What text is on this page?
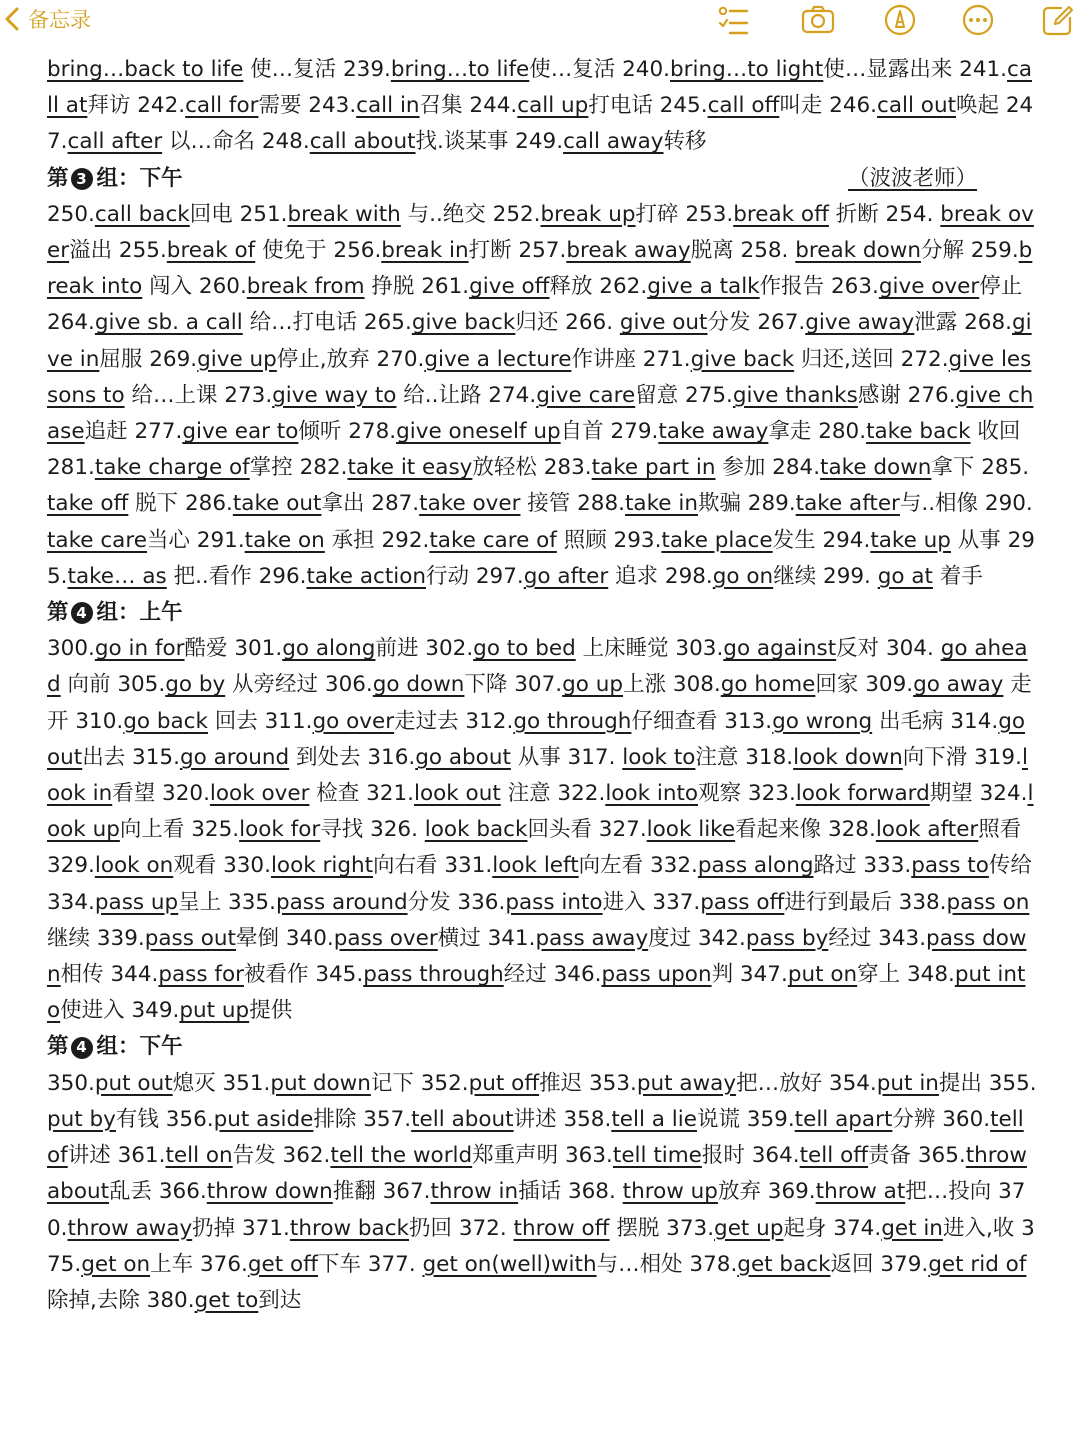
备忘录

bring…back to life 使…复活 239.bring…to life使…复活 240.bring…to light使…显露出来 241.call at拜访 242.call for需要 243.call in召集 244.call up打电话 245.call off叫走 246.call out唤起 247.call after 以…命名 248.call about找.谈某事 249.call away转移

第 3 组：下午	（波波老师）

250.call back回电 251.break with 与..绝交 252.break up打碎 253.break off 折断 254. break over溢出 255.break of 使免于 256.break in打断 257.break away脱离 258. break down分解 259.break into 闯入 260.break from 挣脱 261.give off释放 262.give a talk作报告 263.give over停止 264.give sb. a call 给…打电话 265.give back归还 266. give out分发 267.give away泄露 268.give in屈服 269.give up停止,放弃 270.give a lecture作讲座 271.give back 归还,送回 272.give lessons to 给…上课 273.give way to 给..让路 274.give care留意 275.give thanks感谢 276.give chase追赶 277.give ear to倾听 278.give oneself up自首 279.take away拿走 280.take back 收回 281.take charge of掌控 282.take it easy放轻松 283.take part in 参加 284.take down拿下 285.take off 脱下 286.take out拿出 287.take over 接管 288.take in欺骗 289.take after与..相像 290. take care当心 291.take on 承担 292.take care of 照顾 293.take place发生 294.take up 从事 295.take… as 把..看作 296.take action行动 297.go after 追求 298.go on继续 299. go at 着手

第 4 组：上午

300.go in for酷爱 301.go along前进 302.go to bed 上床睡觉 303.go against反对 304. go ahead 向前 305.go by 从旁经过 306.go down下降 307.go up上涨 308.go home回家 309.go away 走开 310.go back 回去 311.go over走过去 312.go through仔细查看 313.go wrong 出毛病 314.go out出去 315.go around 到处去 316.go about 从事 317. look to注意 318.look down向下滑 319.look in看望 320.look over 检查 321.look out 注意 322.look into观察 323.look forward期望 324.look up向上看 325.look for寻找 326. look back回头看 327.look like看起来像 328.look after照看 329.look on观看 330.look right向右看 331.look left向左看 332.pass along路过 333.pass to传给 334.pass up呈上 335.pass around分发 336.pass into进入 337.pass off进行到最后 338.pass on继续 339.pass out晕倒 340.pass over横过 341.pass away度过 342.pass by经过 343.pass down相传 344.pass for被看作 345.pass through经过 346.pass upon判 347.put on穿上 348.put into使进入 349.put up提供

第 4 组：下午

350.put out熄灭 351.put down记下 352.put off推迟 353.put away把…放好 354.put in提出 355.put by有钱 356.put aside排除 357.tell about讲述 358.tell a lie说谎 359.tell apart分辨 360.tell of讲述 361.tell on告发 362.tell the world郑重声明 363.tell time报时 364.tell off责备 365.throw about乱丢 366.throw down推翻 367.throw in插话 368. throw up放弃 369.throw at把…投向 370.throw away扔掉 371.throw back扔回 372. throw off 摆脱 373.get up起身 374.get in进入,收 375.get on上车 376.get off下车 377. get on(well)with与…相处 378.get back返回 379.get rid of除掉,去除 380.get to到达
